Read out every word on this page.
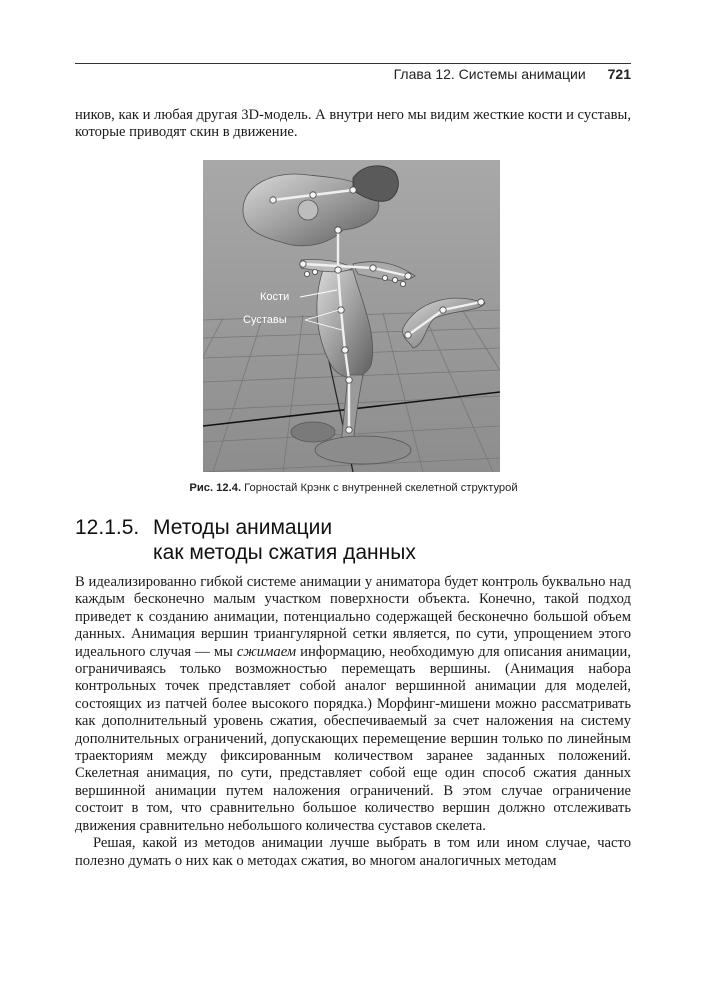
Глава 12. Системы анимации 721

ников, как и любая другая 3D-модель. А внутри него мы видим жесткие кости и суставы, которые приводят скин в движение.

Кости
Суставы
Рис. 12.4. Горностай Крэнк с внутренней скелетной структурой
12.1.5. Методы анимации
как методы сжатия данных
В идеализированно гибкой системе анимации у аниматора будет контроль буквально над каждым бесконечно малым участком поверхности объекта. Конечно, такой подход приведет к созданию анимации, потенциально содержащей бесконечно большой объем данных. Анимация вершин триангулярной сетки является, по сути, упрощением этого идеального случая — мы сжимаем информацию, необходимую для описания анимации, ограничиваясь только возможностью перемещать вершины. (Анимация набора контрольных точек представляет собой аналог вершинной анимации для моделей, состоящих из патчей более высокого порядка.) Морфинг-мишени можно рассматривать как дополнительный уровень сжатия, обеспечиваемый за счет наложения на систему дополнительных ограничений, допускающих перемещение вершин только по линейным траекториям между фиксированным количеством заранее заданных положений. Скелетная анимация, по сути, представляет собой еще один способ сжатия данных вершинной анимации путем наложения ограничений. В этом случае ограничение состоит в том, что сравнительно большое количество вершин должно отслеживать движения сравнительно небольшого количества суставов скелета.
Решая, какой из методов анимации лучше выбрать в том или ином случае, часто полезно думать о них как о методах сжатия, во многом аналогичных методам
